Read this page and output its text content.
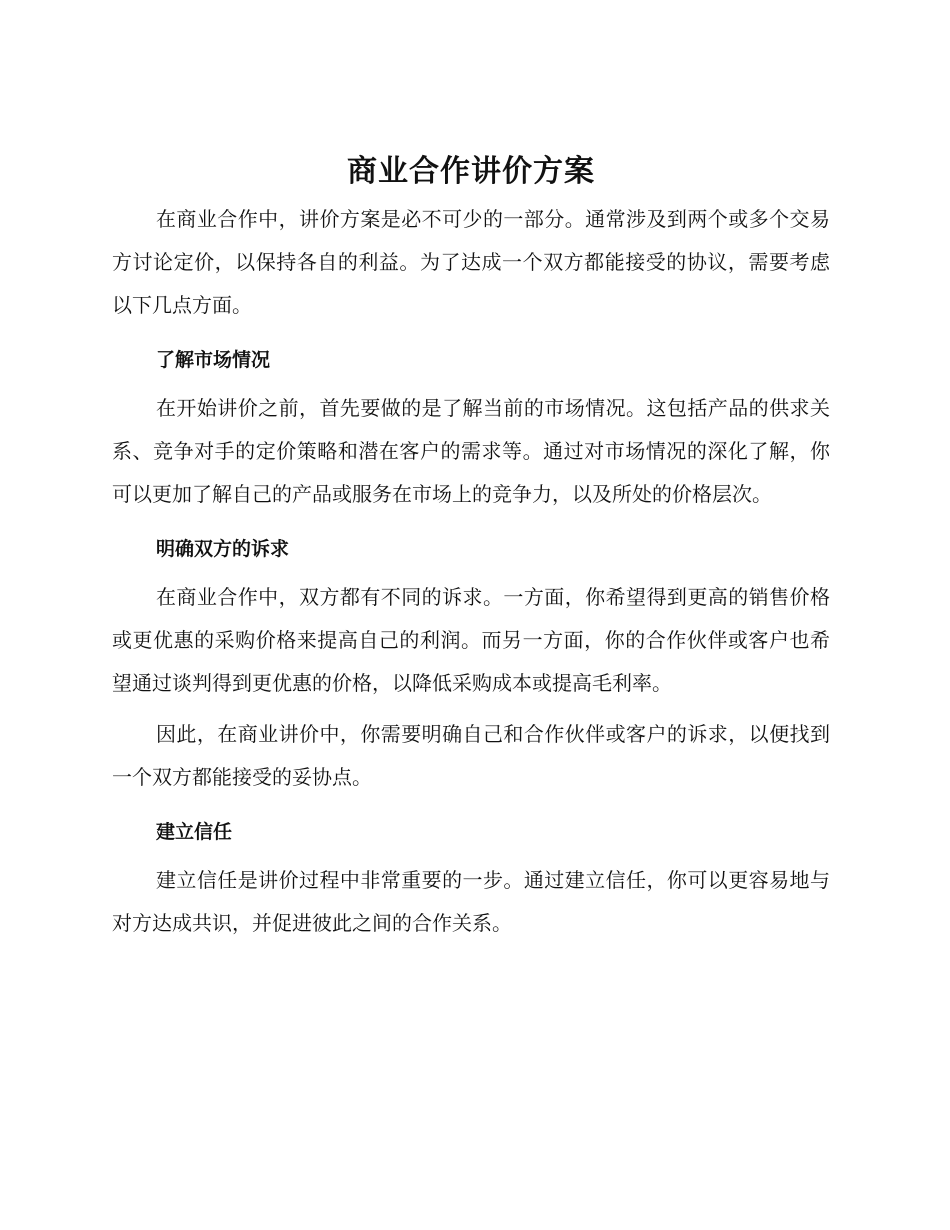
商业合作讲价方案

在商业合作中，讲价方案是必不可少的一部分。通常涉及到两个或多个交易方讨论定价，以保持各自的利益。为了达成一个双方都能接受的协议，需要考虑以下几点方面。

了解市场情况

在开始讲价之前，首先要做的是了解当前的市场情况。这包括产品的供求关系、竞争对手的定价策略和潜在客户的需求等。通过对市场情况的深化了解，你可以更加了解自己的产品或服务在市场上的竞争力，以及所处的价格层次。

明确双方的诉求

在商业合作中，双方都有不同的诉求。一方面，你希望得到更高的销售价格或更优惠的采购价格来提高自己的利润。而另一方面，你的合作伙伴或客户也希望通过谈判得到更优惠的价格，以降低采购成本或提高毛利率。

因此，在商业讲价中，你需要明确自己和合作伙伴或客户的诉求，以便找到一个双方都能接受的妥协点。

建立信任

建立信任是讲价过程中非常重要的一步。通过建立信任，你可以更容易地与对方达成共识，并促进彼此之间的合作关系。
